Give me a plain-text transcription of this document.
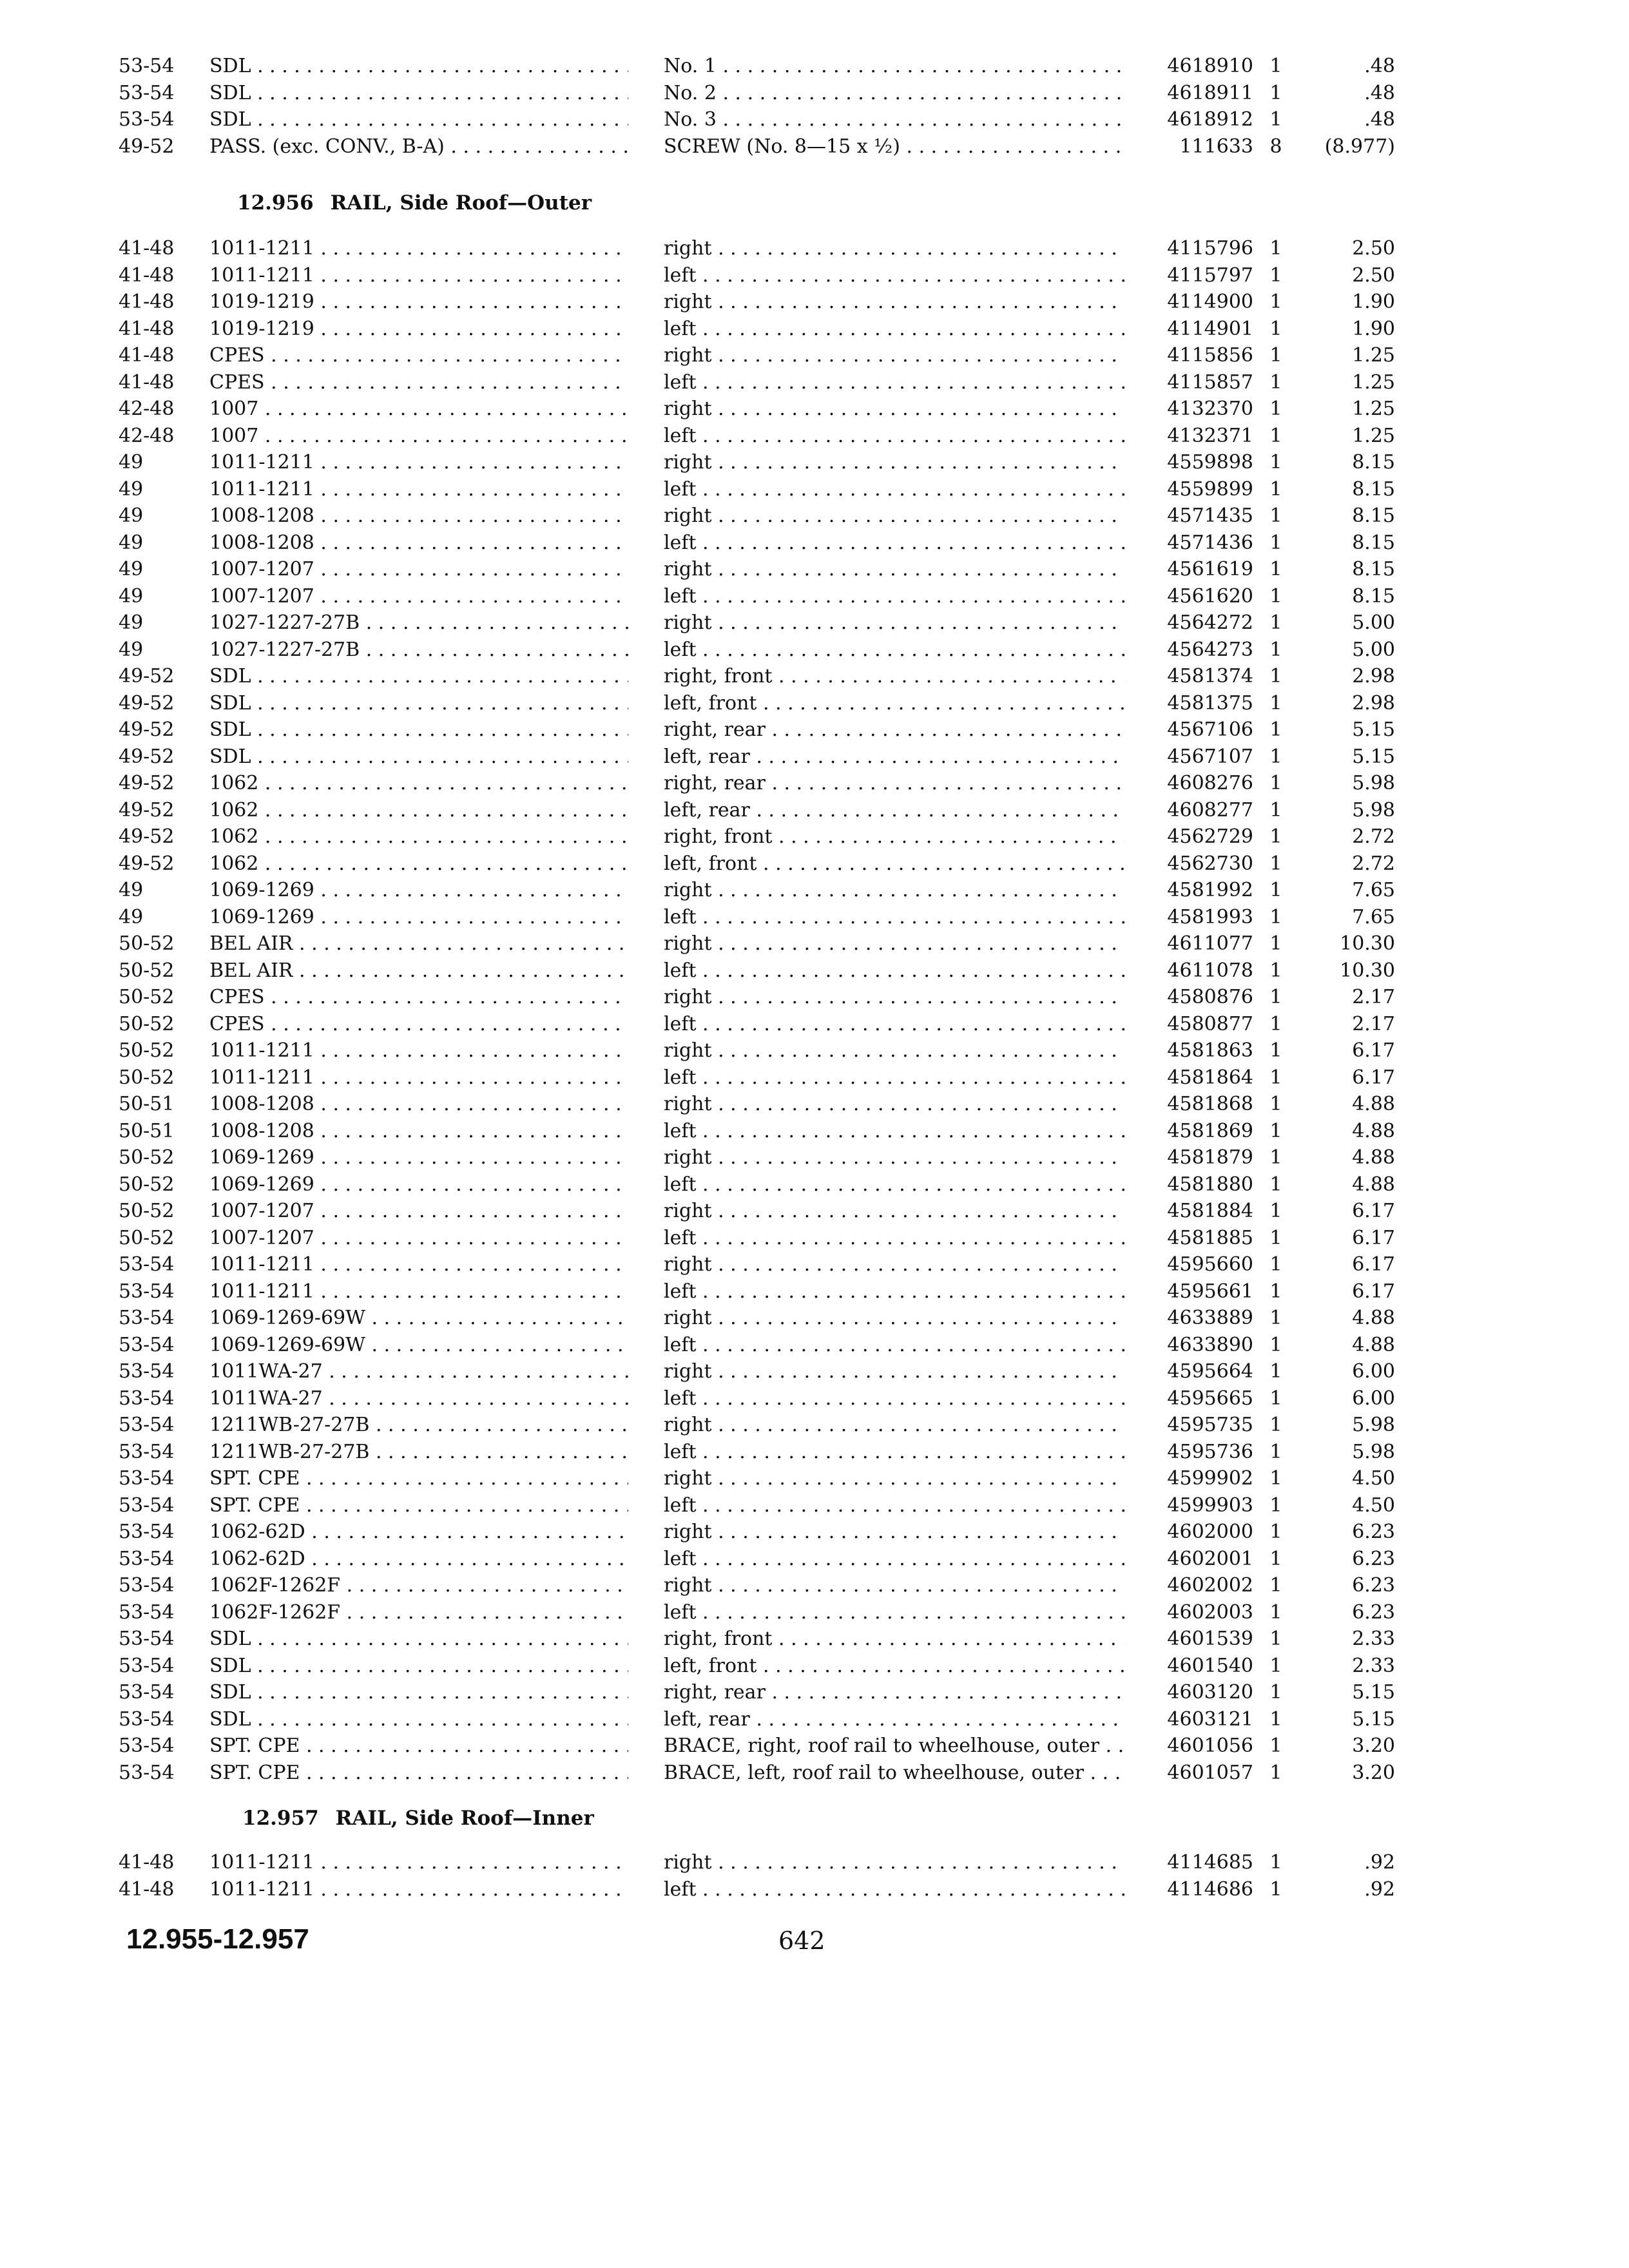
53-54	SDL . . .	No. 1 . . .	4618910 1	.48
53-54	SDL . . .	No. 2 . . .	4618911 1	.48
53-54	SDL . . .	No. 3 . . .	4618912 1	.48
49-52	PASS. (exc. CONV., B-A) . . .	SCREW (No. 8—15 x ½) . . .	111633 8	(8.977)
12.956 RAIL, Side Roof—Outer
41-48	1011-1211 . . .	right . . .	4115796 1	2.50
41-48	1011-1211 . . .	left . . .	4115797 1	2.50
41-48	1019-1219 . . .	right . . .	4114900 1	1.90
41-48	1019-1219 . . .	left . . .	4114901 1	1.90
41-48	CPES . . .	right . . .	4115856 1	1.25
41-48	CPES . . .	left . . .	4115857 1	1.25
42-48	1007 . . .	right . . .	4132370 1	1.25
42-48	1007 . . .	left . . .	4132371 1	1.25
49	1011-1211 . . .	right . . .	4559898 1	8.15
49	1011-1211 . . .	left . . .	4559899 1	8.15
49	1008-1208 . . .	right . . .	4571435 1	8.15
49	1008-1208 . . .	left . . .	4571436 1	8.15
49	1007-1207 . . .	right . . .	4561619 1	8.15
49	1007-1207 . . .	left . . .	4561620 1	8.15
49	1027-1227-27B . . .	right . . .	4564272 1	5.00
49	1027-1227-27B . . .	left . . .	4564273 1	5.00
49-52	SDL . . .	right, front . . .	4581374 1	2.98
49-52	SDL . . .	left, front . . .	4581375 1	2.98
49-52	SDL . . .	right, rear . . .	4567106 1	5.15
49-52	SDL . . .	left, rear . . .	4567107 1	5.15
49-52	1062 . . .	right, rear . . .	4608276 1	5.98
49-52	1062 . . .	left, rear . . .	4608277 1	5.98
49-52	1062 . . .	right, front . . .	4562729 1	2.72
49-52	1062 . . .	left, front . . .	4562730 1	2.72
49	1069-1269 . . .	right . . .	4581992 1	7.65
49	1069-1269 . . .	left . . .	4581993 1	7.65
50-52	BEL AIR . . .	right . . .	4611077 1	10.30
50-52	BEL AIR . . .	left . . .	4611078 1	10.30
50-52	CPES . . .	right . . .	4580876 1	2.17
50-52	CPES . . .	left . . .	4580877 1	2.17
50-52	1011-1211 . . .	right . . .	4581863 1	6.17
50-52	1011-1211 . . .	left . . .	4581864 1	6.17
50-51	1008-1208 . . .	right . . .	4581868 1	4.88
50-51	1008-1208 . . .	left . . .	4581869 1	4.88
50-52	1069-1269 . . .	right . . .	4581879 1	4.88
50-52	1069-1269 . . .	left . . .	4581880 1	4.88
50-52	1007-1207 . . .	right . . .	4581884 1	6.17
50-52	1007-1207 . . .	left . . .	4581885 1	6.17
53-54	1011-1211 . . .	right . . .	4595660 1	6.17
53-54	1011-1211 . . .	left . . .	4595661 1	6.17
53-54	1069-1269-69W . . .	right . . .	4633889 1	4.88
53-54	1069-1269-69W . . .	left . . .	4633890 1	4.88
53-54	1011WA-27 . . .	right . . .	4595664 1	6.00
53-54	1011WA-27 . . .	left . . .	4595665 1	6.00
53-54	1211WB-27-27B . . .	right . . .	4595735 1	5.98
53-54	1211WB-27-27B . . .	left . . .	4595736 1	5.98
53-54	SPT. CPE . . .	right . . .	4599902 1	4.50
53-54	SPT. CPE . . .	left . . .	4599903 1	4.50
53-54	1062-62D . . .	right . . .	4602000 1	6.23
53-54	1062-62D . . .	left . . .	4602001 1	6.23
53-54	1062F-1262F . . .	right . . .	4602002 1	6.23
53-54	1062F-1262F . . .	left . . .	4602003 1	6.23
53-54	SDL . . .	right, front . . .	4601539 1	2.33
53-54	SDL . . .	left, front . . .	4601540 1	2.33
53-54	SDL . . .	right, rear . . .	4603120 1	5.15
53-54	SDL . . .	left, rear . . .	4603121 1	5.15
53-54	SPT. CPE . . .	BRACE, right, roof rail to wheelhouse, outer . . .	4601056 1	3.20
53-54	SPT. CPE . . .	BRACE, left, roof rail to wheelhouse, outer . . .	4601057 1	3.20
12.957 RAIL, Side Roof—Inner
41-48	1011-1211 . . .	right . . .	4114685 1	.92
41-48	1011-1211 . . .	left . . .	4114686 1	.92
12.955-12.957	642
